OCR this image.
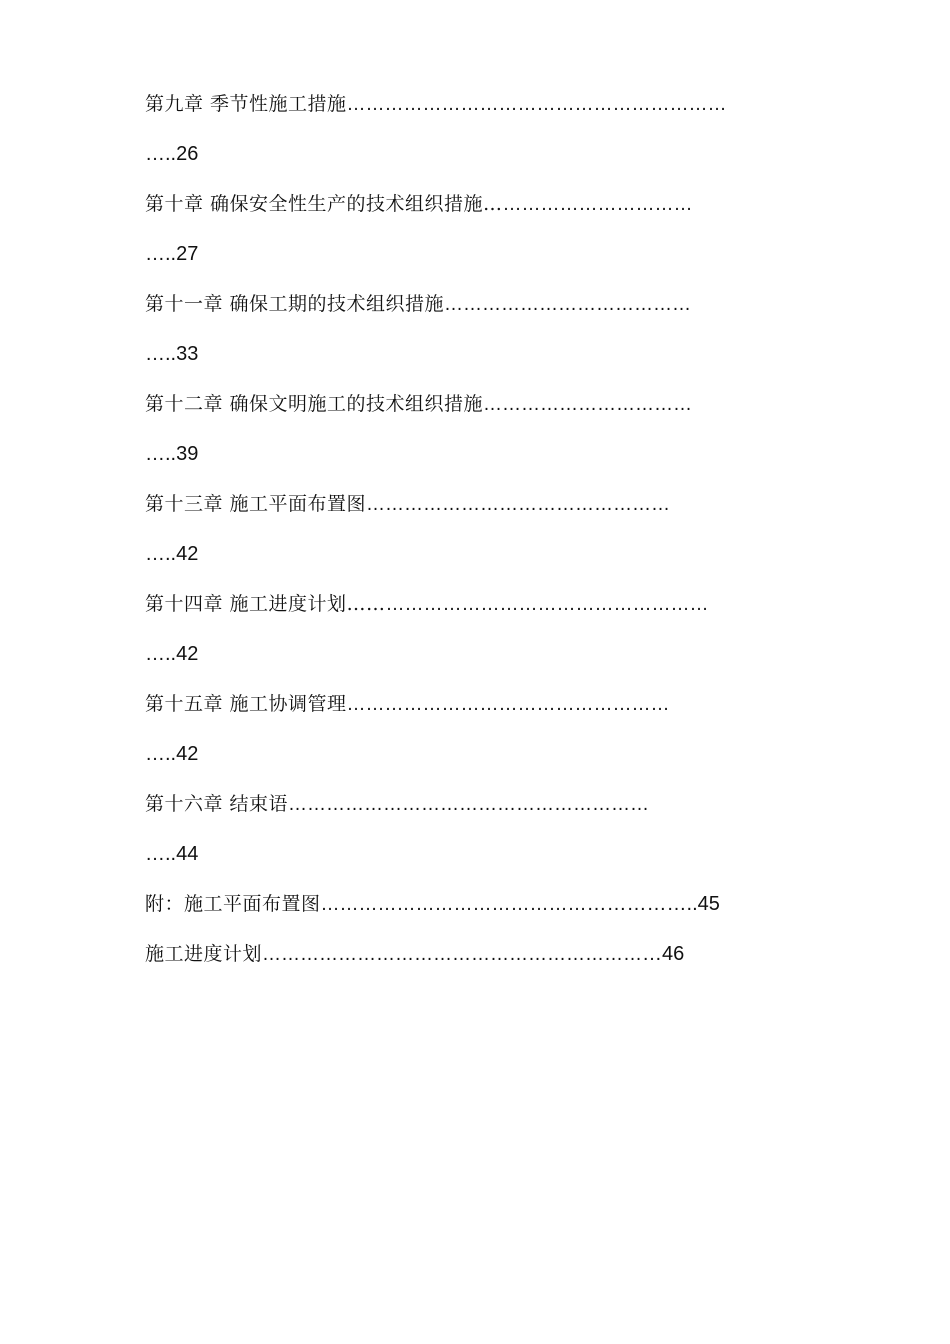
第九章 季节性施工措施……………………………………………………
…..26
第十章 确保安全性生产的技术组织措施……………………………
…..27
第十一章 确保工期的技术组织措施…………………………………
…..33
第十二章 确保文明施工的技术组织措施……………………………
…..39
第十三章 施工平面布置图…………………………………………
…..42
第十四章 施工进度计划…………………………………………………
…..42
第十五章 施工协调管理……………………………………………
…..42
第十六章 结束语…………………………………………………
…..44
附：施工平面布置图…………………………………………………..45
施工进度计划………………………………………………………46
